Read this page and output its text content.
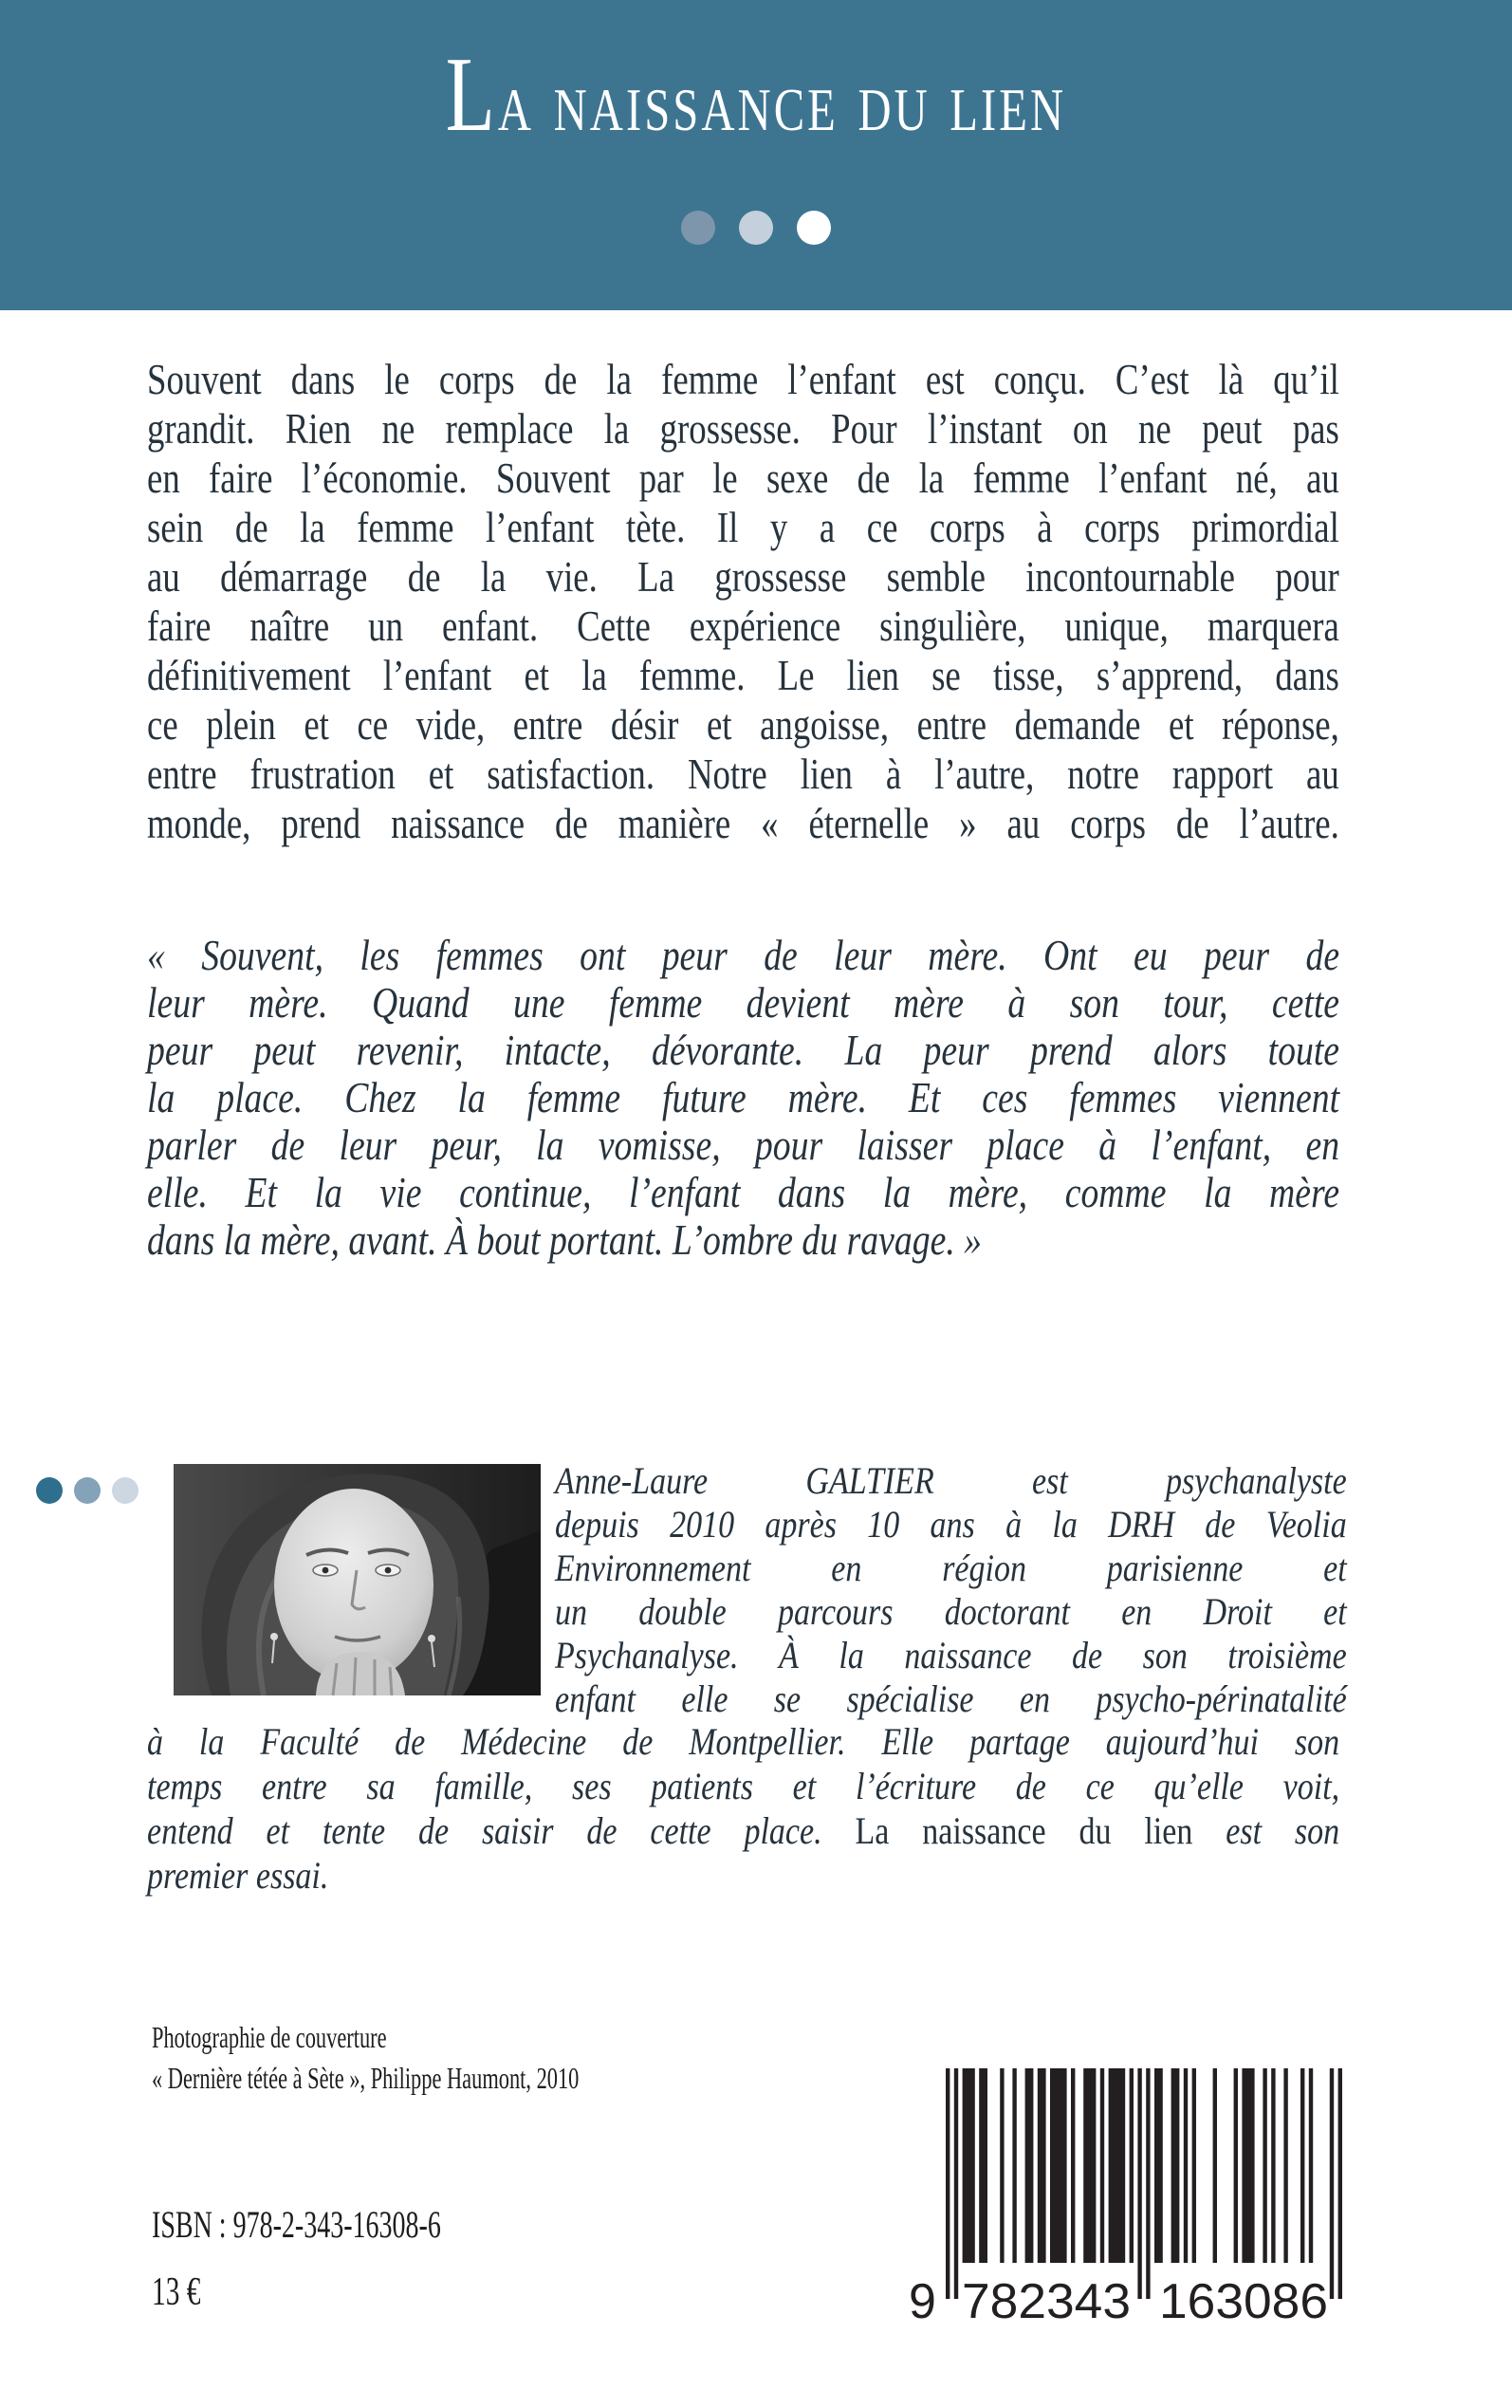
La naissance du lien
Souvent dans le corps de la femme l’enfant est conçu. C’est là qu’il
grandit. Rien ne remplace la grossesse. Pour l’instant on ne peut pas
en faire l’économie. Souvent par le sexe de la femme l’enfant né, au
sein de la femme l’enfant tète. Il y a ce corps à corps primordial
au démarrage de la vie. La grossesse semble incontournable pour
faire naître un enfant. Cette expérience singulière, unique, marquera
définitivement l’enfant et la femme. Le lien se tisse, s’apprend, dans
ce plein et ce vide, entre désir et angoisse, entre demande et réponse,
entre frustration et satisfaction. Notre lien à l’autre, notre rapport au
monde, prend naissance de manière « éternelle » au corps de l’autre.
« Souvent, les femmes ont peur de leur mère. Ont eu peur de
leur mère. Quand une femme devient mère à son tour, cette
peur peut revenir, intacte, dévorante. La peur prend alors toute
la place. Chez la femme future mère. Et ces femmes viennent
parler de leur peur, la vomisse, pour laisser place à l’enfant, en
elle. Et la vie continue, l’enfant dans la mère, comme la mère
dans la mère, avant. À bout portant. L’ombre du ravage. »
Anne-Laure GALTIER est psychanalyste
depuis 2010 après 10 ans à la DRH de Veolia
Environnement en région parisienne et
un double parcours doctorant en Droit et
Psychanalyse. À la naissance de son troisième
enfant elle se spécialise en psycho-périnatalité
à la Faculté de Médecine de Montpellier. Elle partage aujourd’hui son
temps entre sa famille, ses patients et l’écriture de ce qu’elle voit,
entend et tente de saisir de cette place. La naissance du lien est son
premier essai.
Photographie de couverture
« Dernière tétée à Sète », Philippe Haumont, 2010
ISBN : 978-2-343-16308-6
13 €	9 782343 163086
